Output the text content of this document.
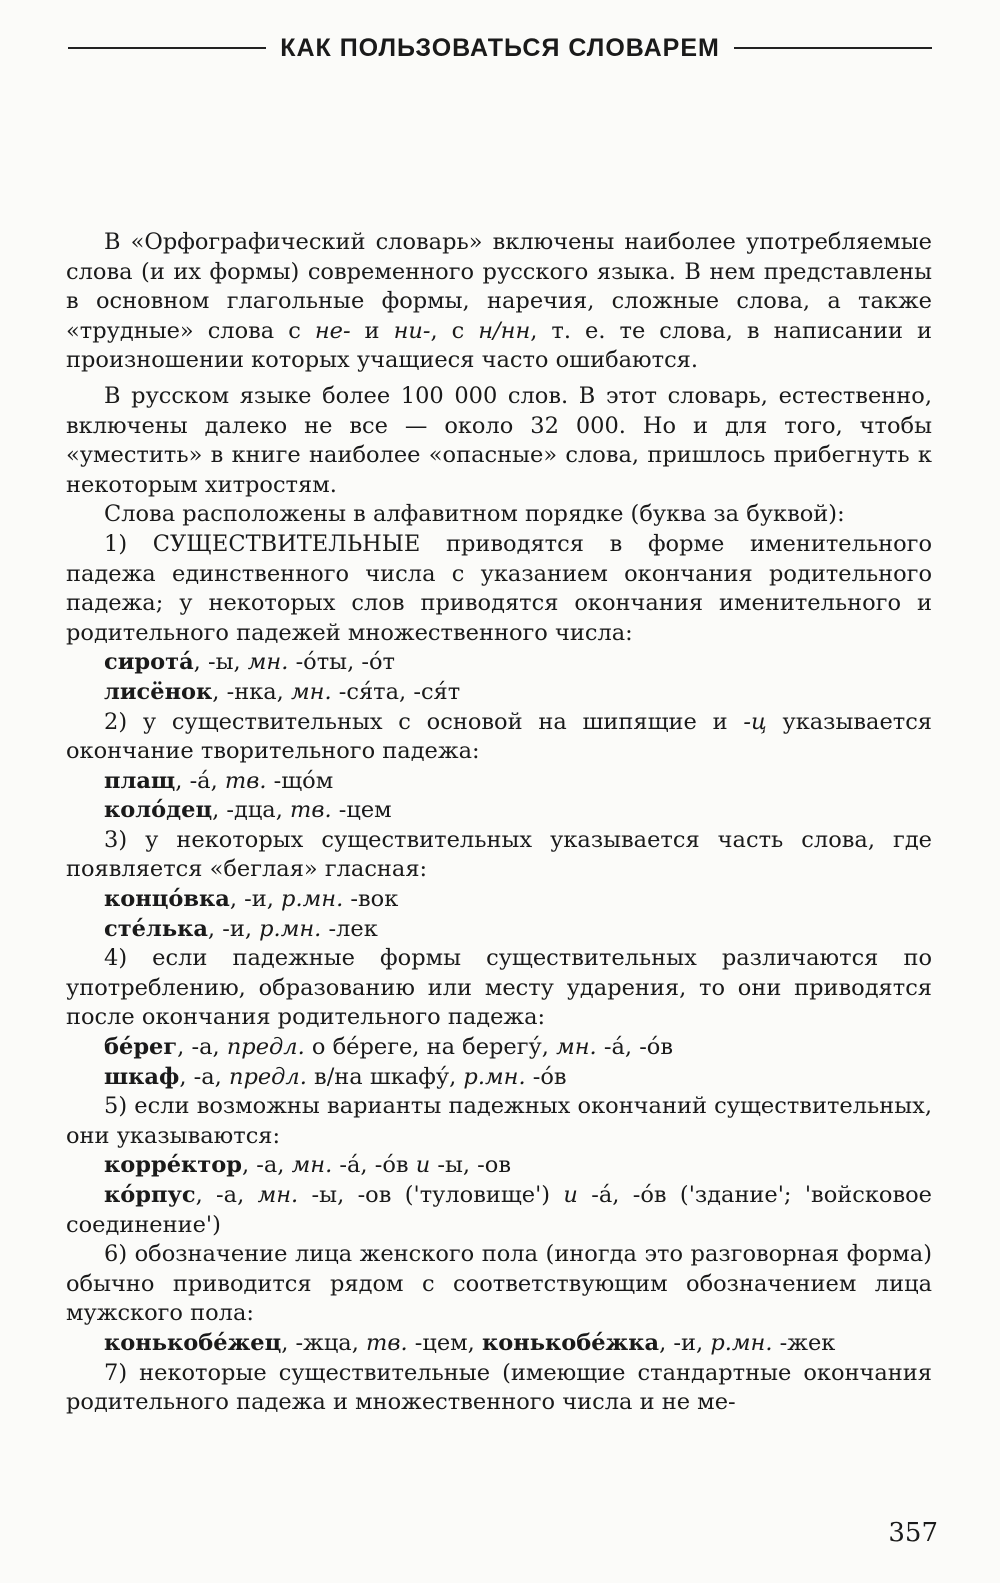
КАК ПОЛЬЗОВАТЬСЯ СЛОВАРЕМ

В «Орфографический словарь» включены наиболее употребляемые слова (и их формы) современного русского языка. В нем представлены в основном глагольные формы, наречия, сложные слова, а также «трудные» слова с не- и ни-, с н/нн, т. е. те слова, в написании и произношении которых учащиеся часто ошибаются.

В русском языке более 100 000 слов. В этот словарь, естественно, включены далеко не все — около 32 000. Но и для того, чтобы «уместить» в книге наиболее «опасные» слова, пришлось прибегнуть к некоторым хитростям.

Слова расположены в алфавитном порядке (буква за буквой):

1) СУЩЕСТВИТЕЛЬНЫЕ приводятся в форме именительного падежа единственного числа с указанием окончания родительного падежа; у некоторых слов приводятся окончания именительного и родительного падежей множественного числа:

сирота́, -ы, мн. -о́ты, -о́т

лисёнок, -нка, мн. -ся́та, -ся́т

2) у существительных с основой на шипящие и -ц указывается окончание творительного падежа:

плащ, -а́, тв. -що́м

коло́дец, -дца, тв. -цем

3) у некоторых существительных указывается часть слова, где появляется «беглая» гласная:

концо́вка, -и, р.мн. -вок

сте́лька, -и, р.мн. -лек

4) если падежные формы существительных различаются по употреблению, образованию или месту ударения, то они приводятся после окончания родительного падежа:

бе́рег, -а, предл. о бе́реге, на берегу́, мн. -а́, -о́в

шкаф, -а, предл. в/на шкафу́, р.мн. -о́в

5) если возможны варианты падежных окончаний существительных, они указываются:

корре́ктор, -а, мн. -а́, -о́в и -ы, -ов

ко́рпус, -а, мн. -ы, -ов ('туловище') и -а́, -о́в ('здание'; 'войсковое соединение')

6) обозначение лица женского пола (иногда это разговорная форма) обычно приводится рядом с соответствующим обозначением лица мужского пола:

конькобе́жец, -жца, тв. -цем, конькобе́жка, -и, р.мн. -жек

7) некоторые существительные (имеющие стандартные окончания родительного падежа и множественного числа и не ме-

357
